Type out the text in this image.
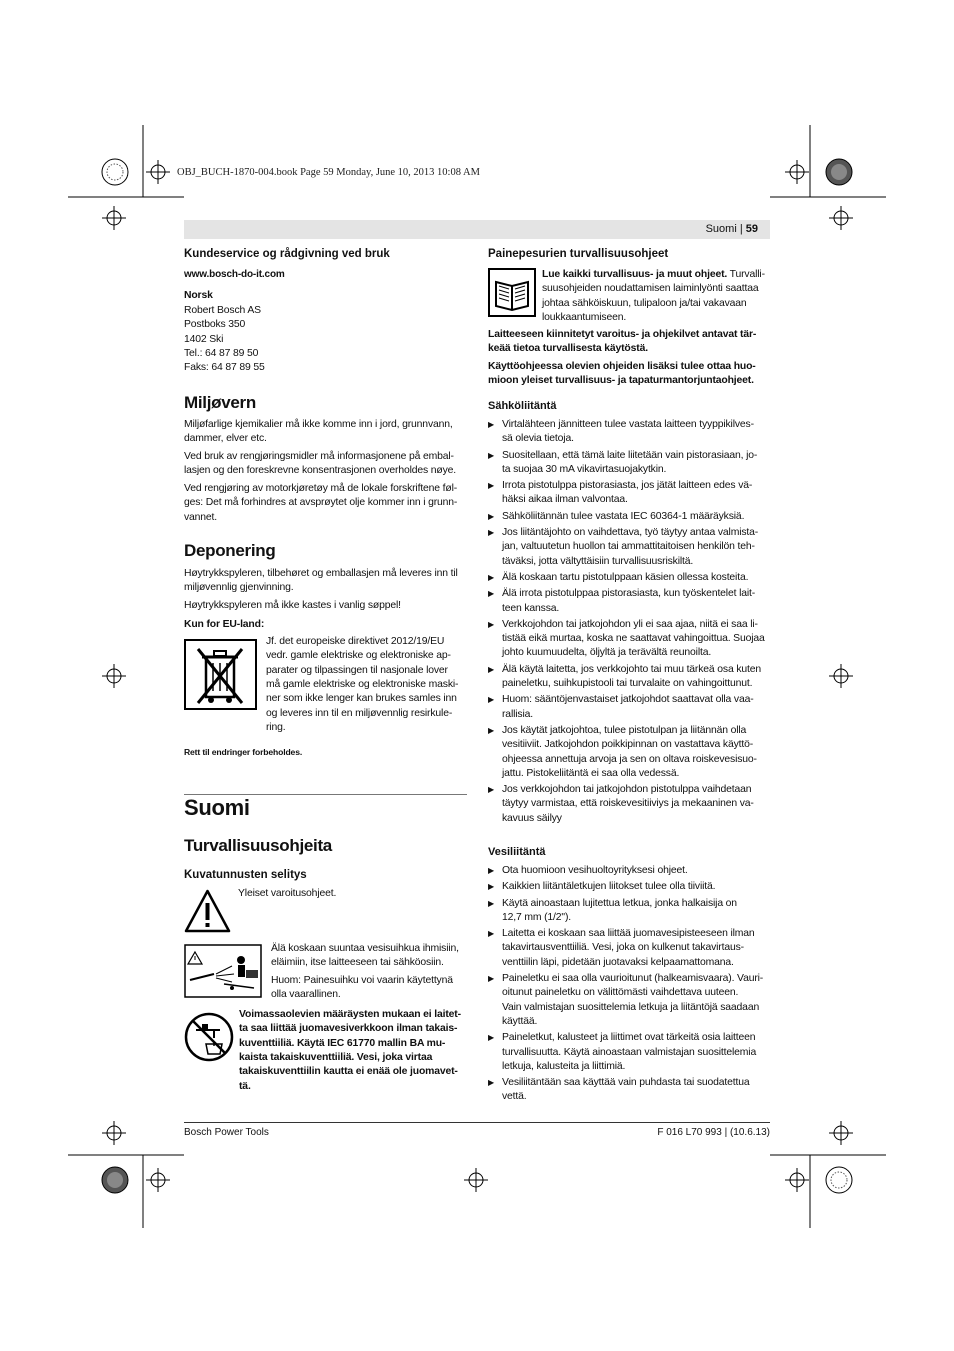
OBJ_BUCH-1870-004.book Page 59 Monday, June 10, 2013 10:08 AM
Suomi | 59
Kundeservice og rådgivning ved bruk
www.bosch-do-it.com
Norsk
Robert Bosch AS
Postboks 350
1402 Ski
Tel.: 64 87 89 50
Faks: 64 87 89 55
Miljøvern
Miljøfarlige kjemikalier må ikke komme inn i jord, grunnvann,
dammer, elver etc.
Ved bruk av rengjøringsmidler må informasjonene på embal-
lasjen og den foreskrevne konsentrasjonen overholdes nøye.
Ved rengjøring av motorkjøretøy må de lokale forskriftene føl-
ges: Det må forhindres at avsprøytet olje kommer inn i grunn-
vannet.
Deponering
Høytrykkspyleren, tilbehøret og emballasjen må leveres inn til
miljøvennlig gjenvinning.
Høytrykkspyleren må ikke kastes i vanlig søppel!
Kun for EU-land:
Jf. det europeiske direktivet 2012/19/EU
vedr. gamle elektriske og elektroniske ap-
parater og tilpassingen til nasjonale lover
må gamle elektriske og elektroniske maski-
ner som ikke lenger kan brukes samles inn
og leveres inn til en miljøvennlig resirkule-
ring.
Rett til endringer forbeholdes.
Suomi
Turvallisuusohjeita
Kuvatunnusten selitys
Yleiset varoitusohjeet.
Älä koskaan suuntaa vesisuihkua ihmisiin,
eläimiin, itse laitteeseen tai sähköosiin.
Huom: Painesuihku voi vaarin käytettynä
olla vaarallinen.
Voimassaolevien määräysten mukaan ei laitet-
ta saa liittää juomavesiverkkoon ilman takais-
kuventtiiliä. Käytä IEC 61770 mallin BA mu-
kaista takaiskuventtiiliä. Vesi, joka virtaa
takaiskuventtiilin kautta ei enää ole juomavet-
tä.
Painepesurien turvallisuusohjeet
Lue kaikki turvallisuus- ja muut ohjeet. Turvalli-
suusohjeiden noudattamisen laiminlyönti saattaa
johtaa sähköiskuun, tulipaloon ja/tai vakavaan
loukkaantumiseen.
Laitteeseen kiinnitetyt varoitus- ja ohjekilvet antavat tär-
keää tietoa turvallisesta käytöstä.
Käyttöohjeessa olevien ohjeiden lisäksi tulee ottaa huo-
mioon yleiset turvallisuus- ja tapaturmantorjuntaohjeet.
Sähköliitäntä
▶ Virtalähteen jännitteen tulee vastata laitteen tyyppikilves-
sä olevia tietoja.
▶ Suositellaan, että tämä laite liitetään vain pistorasiaan, jo-
ta suojaa 30 mA vikavirtasuojakytkin.
▶ Irrota pistotulppa pistorasiasta, jos jätät laitteen edes vä-
häksi aikaa ilman valvontaa.
▶ Sähköliitännän tulee vastata IEC 60364-1 määräyksiä.
▶ Jos liitäntäjohto on vaihdettava, työ täytyy antaa valmista-
jan, valtuutetun huollon tai ammattitaitoisen henkilön teh-
täväksi, jotta vältyttäisiin turvallisuusriskiltä.
▶ Älä koskaan tartu pistotulppaan käsien ollessa kosteita.
▶ Älä irrota pistotulppaa pistorasiasta, kun työskentelet lait-
teen kanssa.
▶ Verkkojohdon tai jatkojohdon yli ei saa ajaa, niitä ei saa li-
tistää eikä murtaa, koska ne saattavat vahingoittua. Suojaa
johto kuumuudelta, öljyltä ja terävältä reunoilta.
▶ Älä käytä laitetta, jos verkkojohto tai muu tärkeä osa kuten
paineletku, suihkupistooli tai turvalaite on vahingoittunut.
▶ Huom: sääntöjenvastaiset jatkojohdot saattavat olla vaa-
rallisia.
▶ Jos käytät jatkojohtoa, tulee pistotulpan ja liitännän olla
vesitiiviit. Jatkojohdon poikkipinnan on vastattava käyttö-
ohjeessa annettuja arvoja ja sen on oltava roiskevesisuo-
jattu. Pistokeliitäntä ei saa olla vedessä.
▶ Jos verkkojohdon tai jatkojohdon pistotulppa vaihdetaan
täytyy varmistaa, että roiskevesitiiviys ja mekaaninen va-
kavuus säilyy
Vesiliitäntä
▶ Ota huomioon vesihuoltoyrityksesi ohjeet.
▶ Kaikkien liitäntäletkujen liitokset tulee olla tiiviitä.
▶ Käytä ainoastaan lujitettua letkua, jonka halkaisija on
12,7 mm (1/2").
▶ Laitetta ei koskaan saa liittää juomavesipisteeseen ilman
takavirtausventtiiliä. Vesi, joka on kulkenut takavirtaus-
venttiilin läpi, pidetään juotavaksi kelpaamattomana.
▶ Paineletku ei saa olla vaurioitunut (halkeamisvaara). Vauri-
oitunut paineletku on välittömästi vaihdettava uuteen.
Vain valmistajan suosittelemia letkuja ja liitäntöjä saadaan
käyttää.
▶ Paineletkut, kalusteet ja liittimet ovat tärkeitä osia laitteen
turvallisuutta. Käytä ainoastaan valmistajan suosittelemia
letkuja, kalusteita ja liittimiä.
▶ Vesiliitäntään saa käyttää vain puhdasta tai suodatettua
vettä.
Bosch Power Tools	F 016 L70 993 | (10.6.13)
